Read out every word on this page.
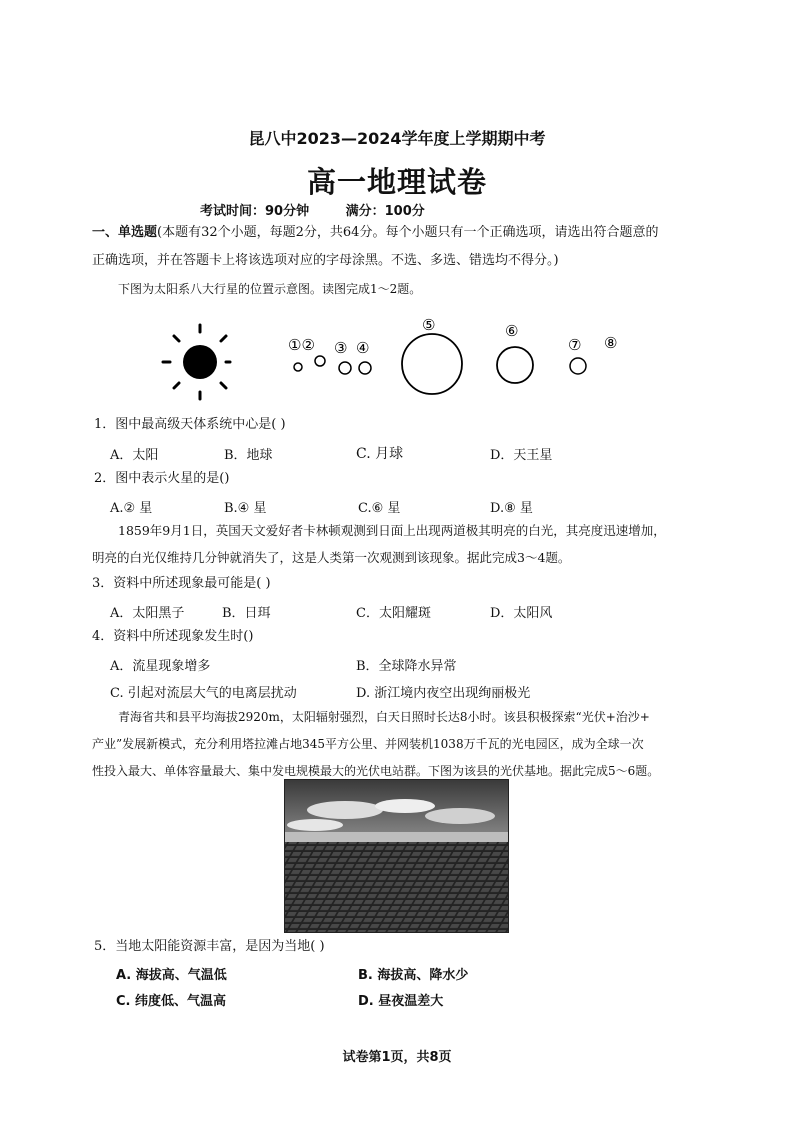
昆八中2023—2024学年度上学期期中考
高一地理试卷
考试时间：90分钟	满分：100分
一、单选题(本题有32个小题，每题2分，共64分。每个小题只有一个正确选项，请选出符合题意的
正确选项，并在答题卡上将该选项对应的字母涂黑。不选、多选、错选均不得分。)
下图为太阳系八大行星的位置示意图。读图完成1～2题。
①② ③ ④
⑤	⑥
⑦ ⑧
1．图中最高级天体系统中心是( )
A．太阳	B．地球	C. 月球	D．天王星
2．图中表示火星的是()
A.② 星	B.④ 星	C.⑥ 星	D.⑧ 星
1859年9月1日，英国天文爱好者卡林顿观测到日面上出现两道极其明亮的白光，其亮度迅速增加，
明亮的白光仅维持几分钟就消失了，这是人类第一次观测到该现象。据此完成3～4题。
3．资料中所述现象最可能是( )
A．太阳黑子	B．日珥	C．太阳耀斑	D．太阳风
4．资料中所述现象发生时()
A．流星现象增多	B．全球降水异常
C. 引起对流层大气的电离层扰动	D. 浙江境内夜空出现绚丽极光
青海省共和县平均海拔2920m，太阳辐射强烈，白天日照时长达8小时。该县积极探索“光伏+治沙+
产业”发展新模式，充分利用塔拉滩占地345平方公里、并网装机1038万千瓦的光电园区，成为全球一次
性投入最大、单体容量最大、集中发电规模最大的光伏电站群。下图为该县的光伏基地。据此完成5～6题。
5．当地太阳能资源丰富，是因为当地( )
A. 海拔高、气温低	B. 海拔高、降水少
C. 纬度低、气温高	D. 昼夜温差大
试卷第1页，共8页
